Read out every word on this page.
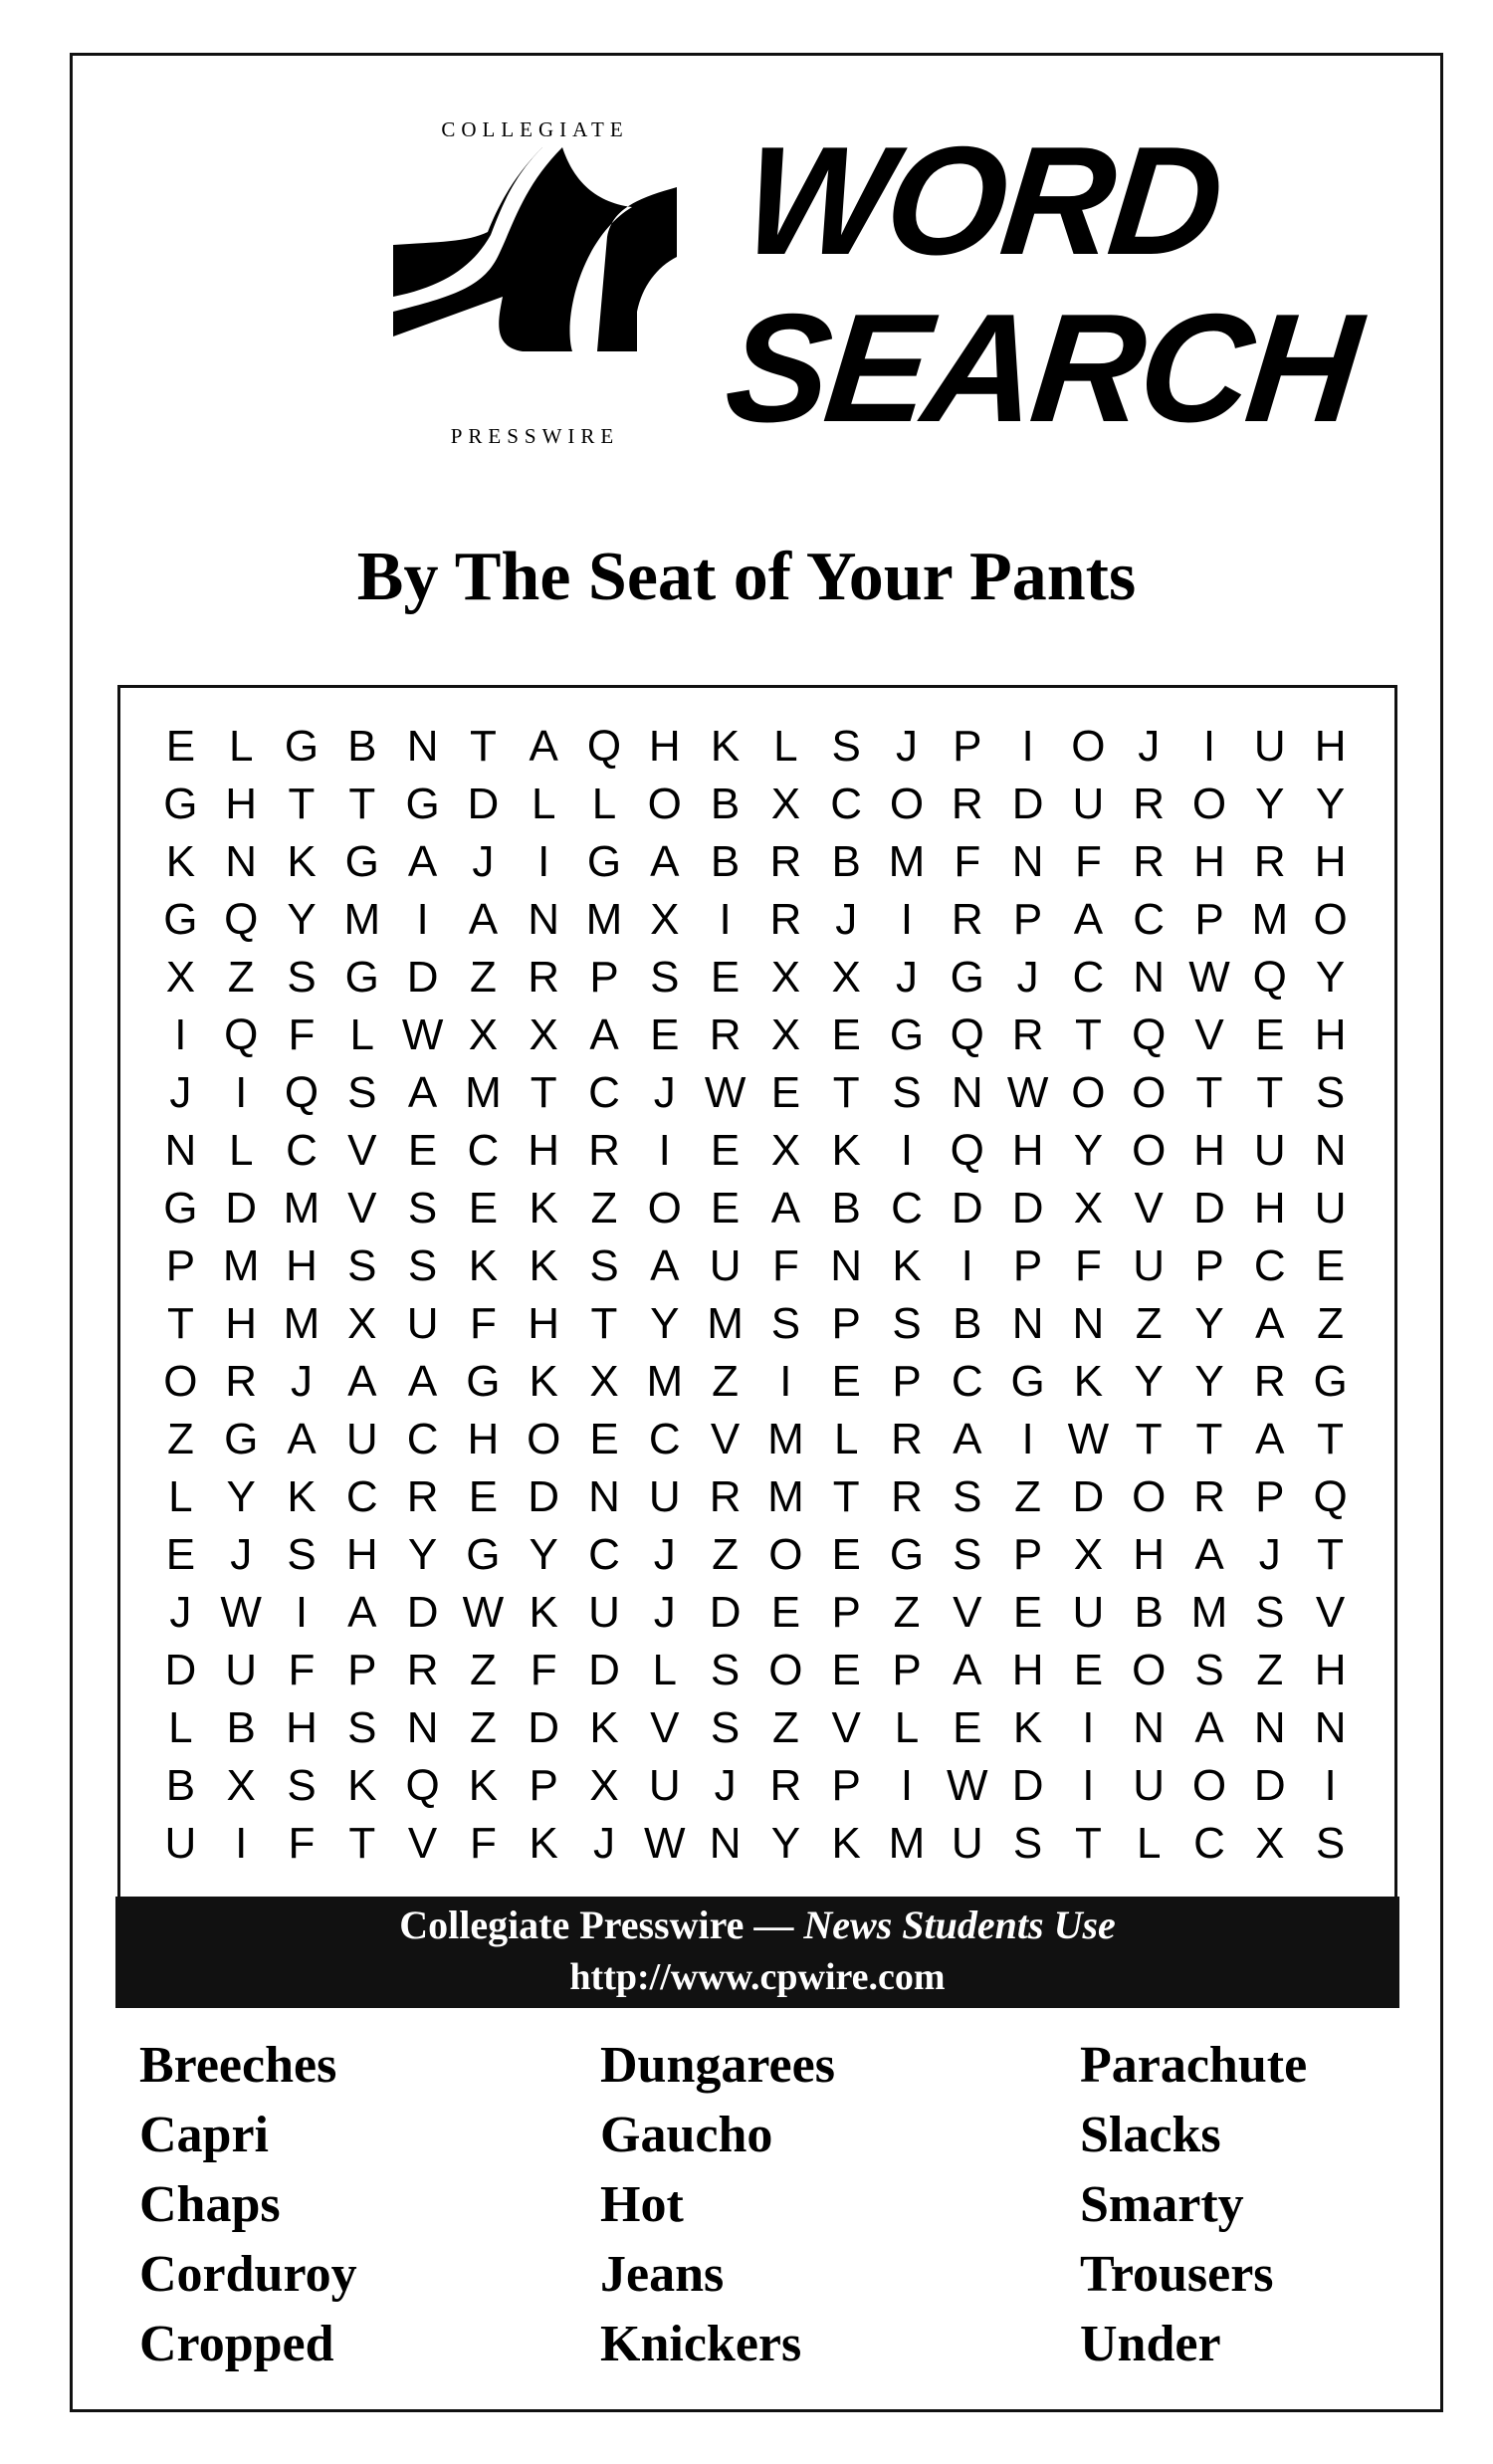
COLLEGIATE
PRESSWIRE
WORD
SEARCH
By The Seat of Your Pants
E L G B N T A Q H K L S J P I O J I U H
G H T T G D L L O B X C O R D U R O Y Y
K N K G A J I G A B R B M F N F R H R H
G Q Y M I A N M X I R J I R P A C P M O
X Z S G D Z R P S E X X J G J C N W Q Y
I Q F L W X X A E R X E G Q R T Q V E H
J I Q S A M T C J W E T S N W O O T T S
N L C V E C H R I E X K I Q H Y O H U N
G D M V S E K Z O E A B C D D X V D H U
P M H S S K K S A U F N K I P F U P C E
T H M X U F H T Y M S P S B N N Z Y A Z
O R J A A G K X M Z I E P C G K Y Y R G
Z G A U C H O E C V M L R A I W T T A T
L Y K C R E D N U R M T R S Z D O R P Q
E J S H Y G Y C J Z O E G S P X H A J T
J W I A D W K U J D E P Z V E U B M S V
D U F P R Z F D L S O E P A H E O S Z H
L B H S N Z D K V S Z V L E K I N A N N
B X S K Q K P X U J R P I W D I U O D I
U I F T V F K J W N Y K M U S T L C X S
Collegiate Presswire — News Students Use
http://www.cpwire.com
Breeches
Capri
Chaps
Corduroy
Cropped
Dungarees
Gaucho
Hot
Jeans
Knickers
Parachute
Slacks
Smarty
Trousers
Under
